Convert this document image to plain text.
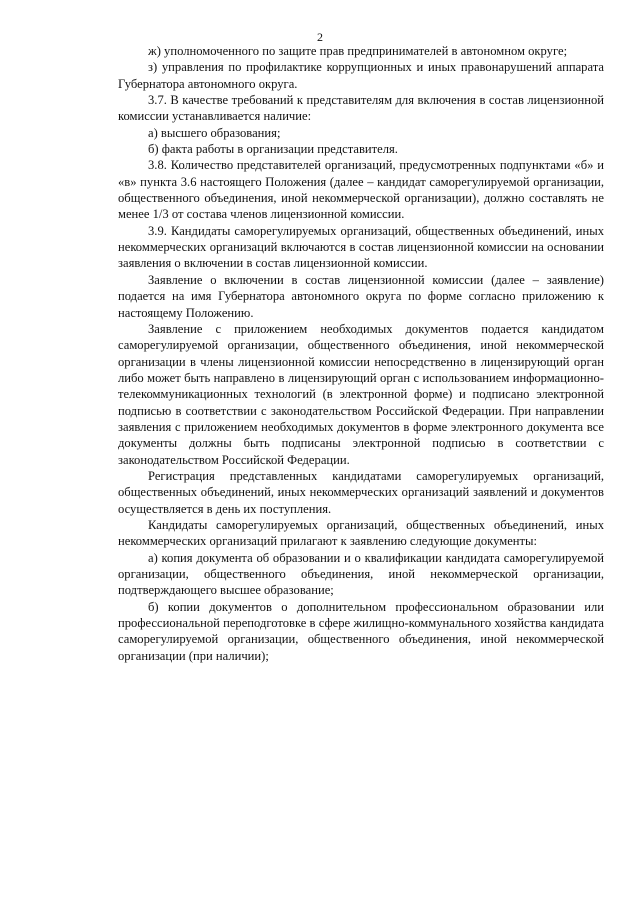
2

ж) уполномоченного по защите прав предпринимателей в автономном округе;

з) управления по профилактике коррупционных и иных правонарушений аппарата Губернатора автономного округа.

3.7. В качестве требований к представителям для включения в состав лицензионной комиссии устанавливается наличие:

а) высшего образования;

б) факта работы в организации представителя.

3.8. Количество представителей организаций, предусмотренных подпунктами «б» и «в» пункта 3.6 настоящего Положения (далее – кандидат саморегулируемой организации, общественного объединения, иной некоммерческой организации), должно составлять не менее 1/3 от состава членов лицензионной комиссии.

3.9. Кандидаты саморегулируемых организаций, общественных объединений, иных некоммерческих организаций включаются в состав лицензионной комиссии на основании заявления о включении в состав лицензионной комиссии.

Заявление о включении в состав лицензионной комиссии (далее – заявление) подается на имя Губернатора автономного округа по форме согласно приложению к настоящему Положению.

Заявление с приложением необходимых документов подается кандидатом саморегулируемой организации, общественного объединения, иной некоммерческой организации в члены лицензионной комиссии непосредственно в лицензирующий орган либо может быть направлено в лицензирующий орган с использованием информационно-телекоммуникационных технологий (в электронной форме) и подписано электронной подписью в соответствии с законодательством Российской Федерации. При направлении заявления с приложением необходимых документов в форме электронного документа все документы должны быть подписаны электронной подписью в соответствии с законодательством Российской Федерации.

Регистрация представленных кандидатами саморегулируемых организаций, общественных объединений, иных некоммерческих организаций заявлений и документов осуществляется в день их поступления.

Кандидаты саморегулируемых организаций, общественных объединений, иных некоммерческих организаций прилагают к заявлению следующие документы:

а) копия документа об образовании и о квалификации кандидата саморегулируемой организации, общественного объединения, иной некоммерческой организации, подтверждающего высшее образование;

б) копии документов о дополнительном профессиональном образовании или профессиональной переподготовке в сфере жилищно-коммунального хозяйства кандидата саморегулируемой организации, общественного объединения, иной некоммерческой организации (при наличии);
